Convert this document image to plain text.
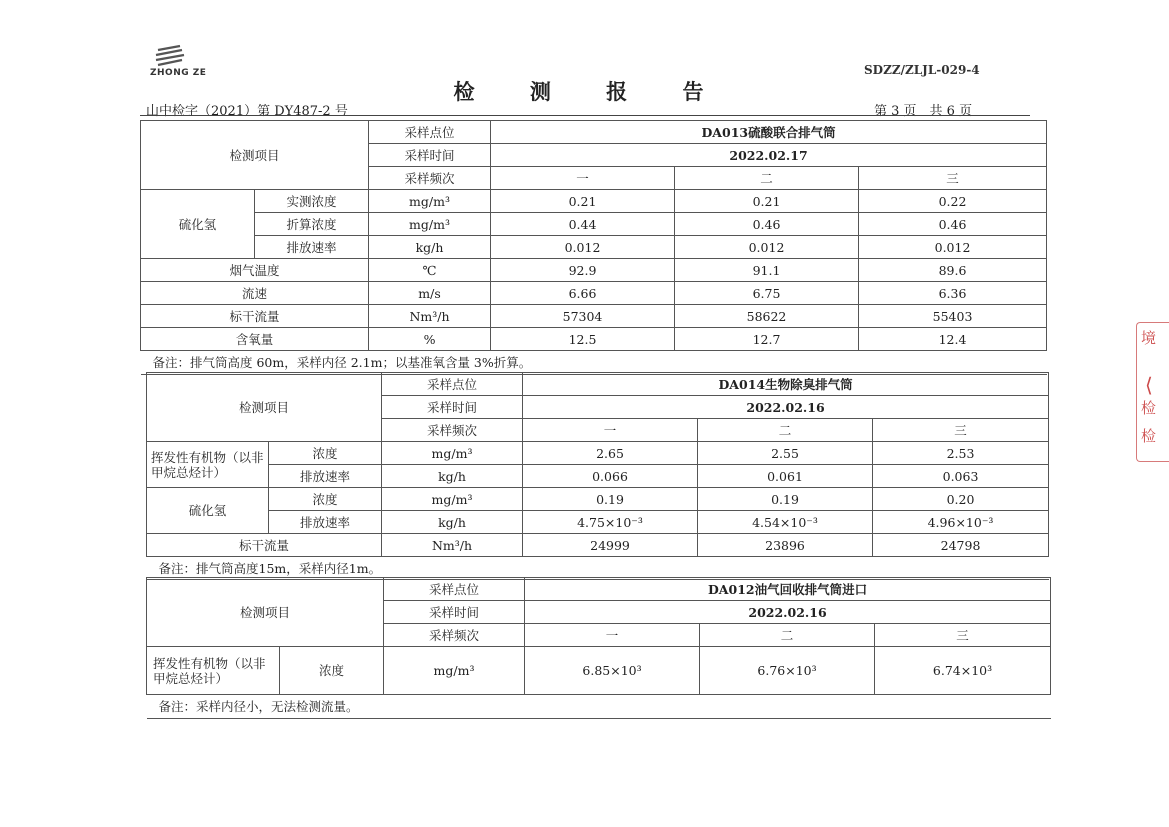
ZHONG ZE	SDZZ/ZLJL-029-4
检 测 报 告
山中检字（2021）第 DY487-2 号	第 3 页　共 6 页
检测项目		采样点位	DA013硫酸联合排气筒		
		采样时间	2022.02.17		
		采样频次	一	二	三
硫化氢	实测浓度	mg/m³	0.21	0.21	0.22
	折算浓度	mg/m³	0.44	0.46	0.46
	排放速率	kg/h	0.012	0.012	0.012
烟气温度		℃	92.9	91.1	89.6
流速		m/s	6.66	6.75	6.36
标干流量		Nm³/h	57304	58622	55403
含氧量		%	12.5	12.7	12.4
备注：排气筒高度 60m，采样内径 2.1m；以基准氧含量 3%折算。					
检测项目		采样点位	DA014生物除臭排气筒		
		采样时间	2022.02.16		
		采样频次	一	二	三
挥发性有机物（以非甲烷总烃计）	浓度	mg/m³	2.65	2.55	2.53
	排放速率	kg/h	0.066	0.061	0.063
硫化氢	浓度	mg/m³	0.19	0.19	0.20
	排放速率	kg/h	4.75×10⁻³	4.54×10⁻³	4.96×10⁻³
标干流量		Nm³/h	24999	23896	24798
备注：排气筒高度15m，采样内径1m。					
检测项目		采样点位	DA012油气回收排气筒进口		
		采样时间	2022.02.16		
		采样频次	一	二	三
挥发性有机物（以非甲烷总烃计）	浓度	mg/m³	6.85×10³	6.76×10³	6.74×10³
备注：采样内径小，无法检测流量。					
境
⟨
检
检
